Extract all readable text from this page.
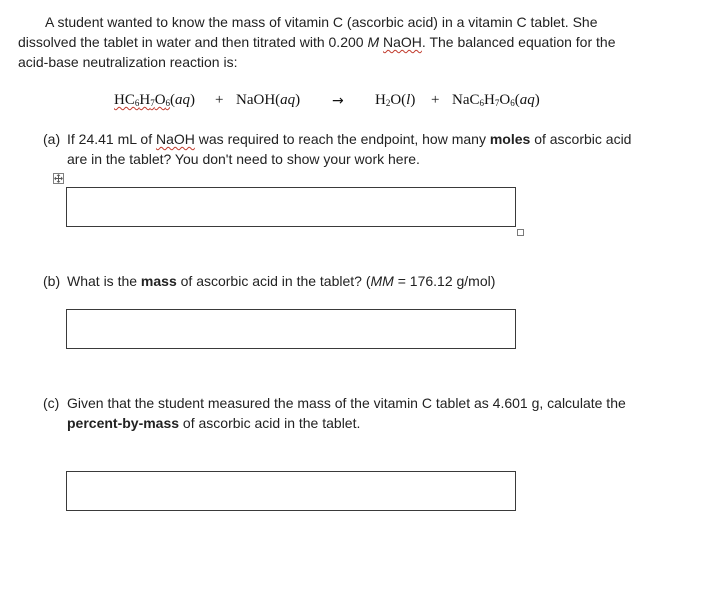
A student wanted to know the mass of vitamin C (ascorbic acid) in a vitamin C tablet. She
dissolved the tablet in water and then titrated with 0.200 M NaOH. The balanced equation for the
acid-base neutralization reaction is:

$HC_6H_7O_6(aq)$ + NaOH(aq) → $H_2O(l) + NaC_6H_7O_6(aq)$
(a) If 24.41 mL of NaOH was required to reach the endpoint, how many moles of ascorbic acid
are in the tablet? You don't need to show your work here.

(b) What is the mass of ascorbic acid in the tablet? (MM = 176.12 g/mol)

(c) Given that the student measured the mass of the vitamin C tablet as 4.601 g, calculate the
percent-by-mass of ascorbic acid in the tablet.
